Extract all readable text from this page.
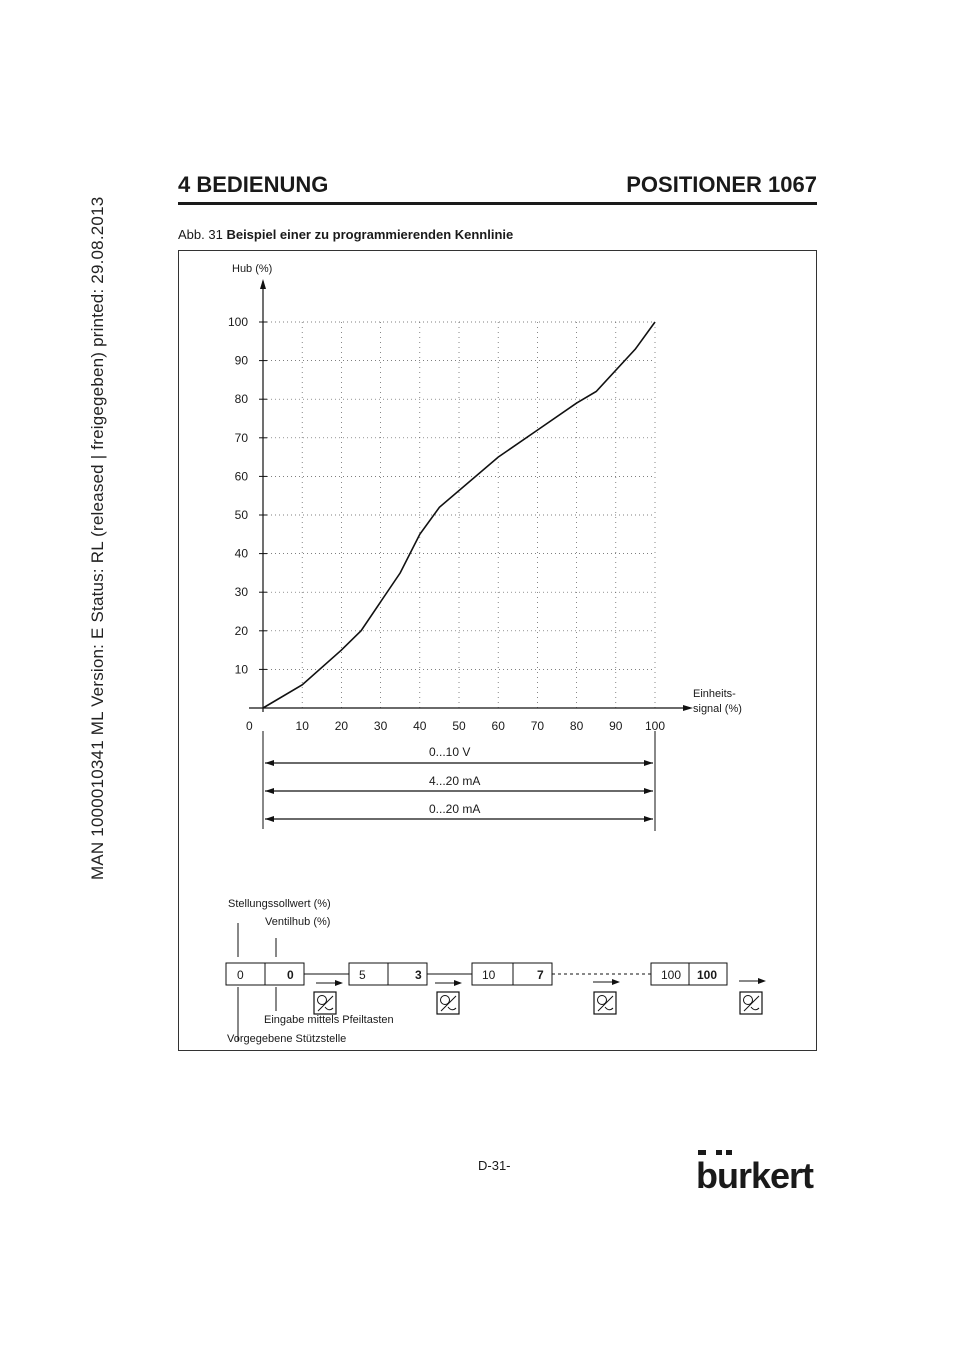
MAN 1000010341 ML Version: E Status: RL (released | freigegeben) printed: 29.08.2013
4 BEDIENUNG	POSITIONER 1067
Abb. 31 Beispiel einer zu programmierenden Kennlinie
10
20
30
40
50
60
70
80
90
100
10 20 30 40 50 60 70 80 90 100
Hub (%)
Einheits-
signal (%)
0
0...10 V
4...20 mA
0...20 mA
Stellungssollwert (%)
Ventilhub (%)
0	0	5	3	10	7	100 100
Eingabe mittels Pfeiltasten
Vorgegebene Stützstelle
D-31-	burkert
